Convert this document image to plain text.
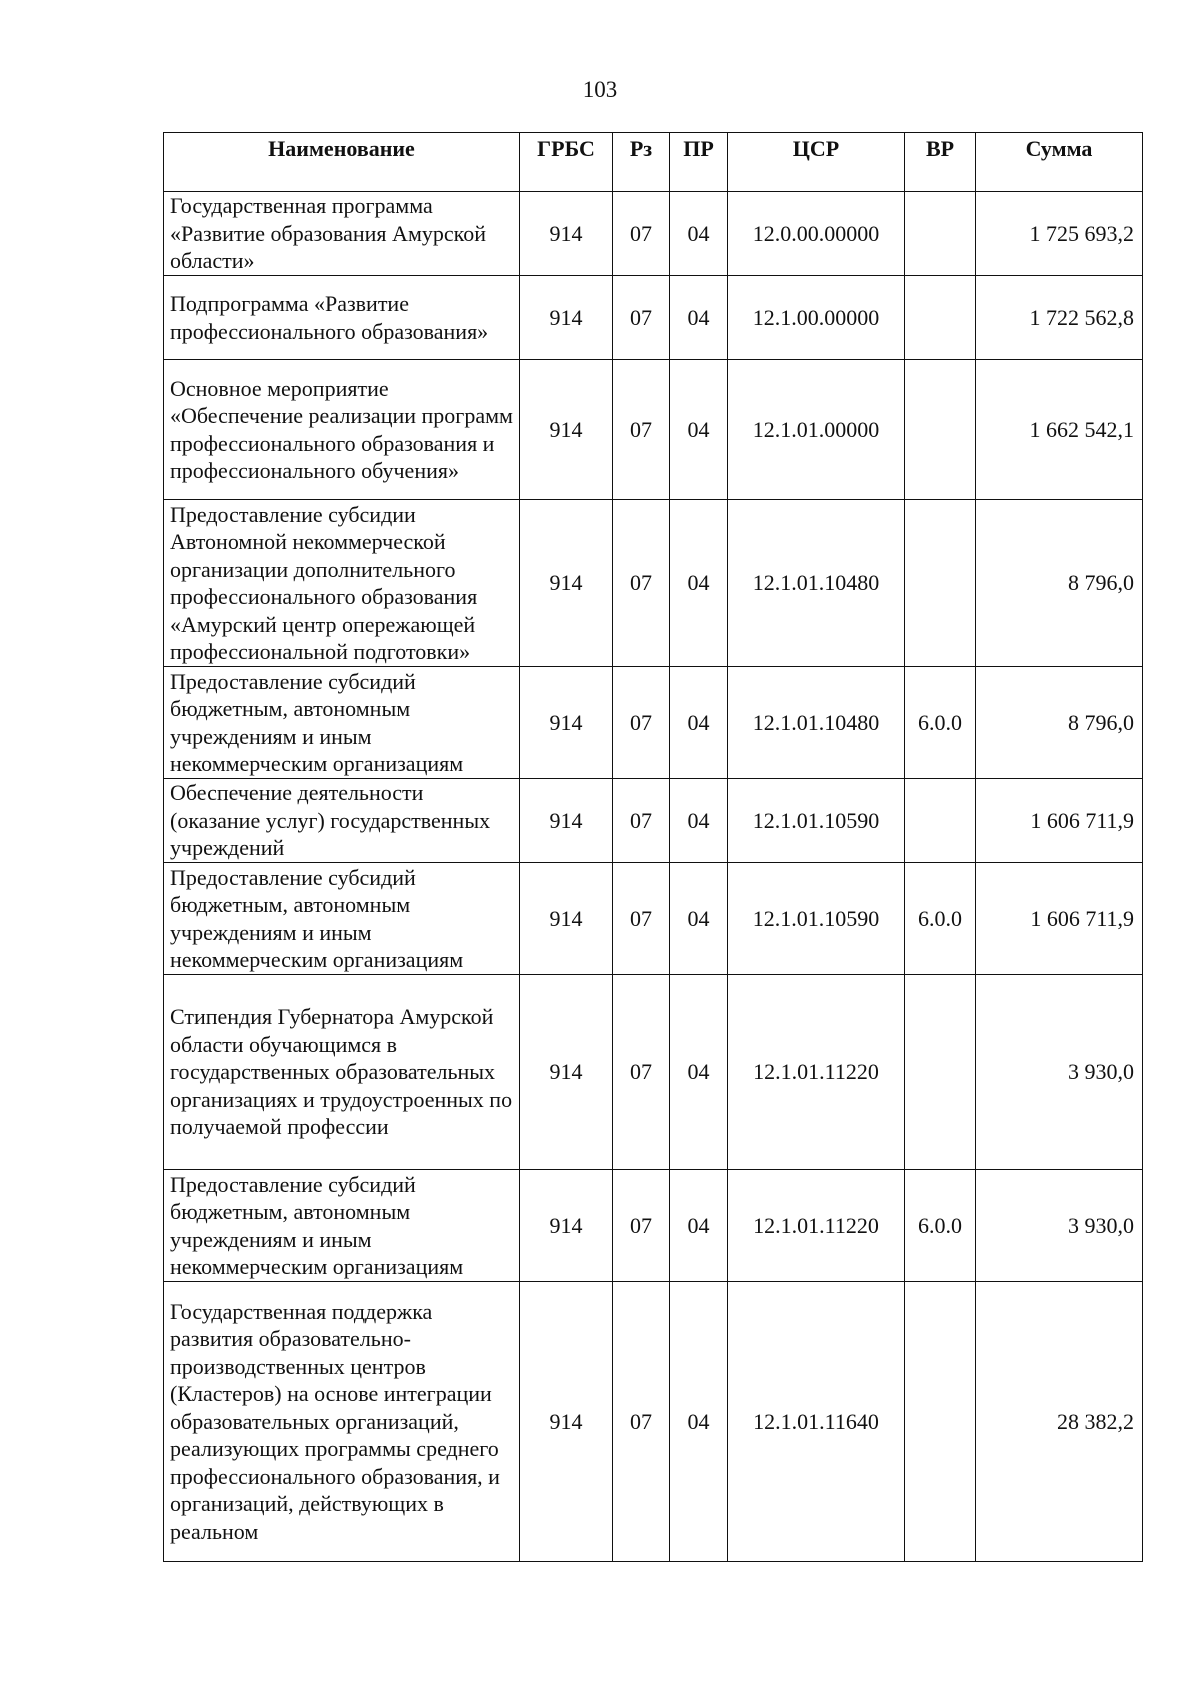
103
Наименование	ГРБС	Рз	ПР	ЦСР	ВР	Сумма
Государственная программа «Развитие образования Амурской области»	914	07	04	12.0.00.00000		1 725 693,2
Подпрограмма «Развитие профессионального образования»	914	07	04	12.1.00.00000		1 722 562,8
Основное мероприятие «Обеспечение реализации программ профессионального образования и профессионального обучения»	914	07	04	12.1.01.00000		1 662 542,1
Предоставление субсидии Автономной некоммерческой организации дополнительного профессионального образования «Амурский центр опережающей профессиональной подготовки»	914	07	04	12.1.01.10480		8 796,0
Предоставление субсидий бюджетным, автономным учреждениям и иным некоммерческим организациям	914	07	04	12.1.01.10480	6.0.0	8 796,0
Обеспечение деятельности (оказание услуг) государственных учреждений	914	07	04	12.1.01.10590		1 606 711,9
Предоставление субсидий бюджетным, автономным учреждениям и иным некоммерческим организациям	914	07	04	12.1.01.10590	6.0.0	1 606 711,9
Стипендия Губернатора Амурской области обучающимся в государственных образовательных организациях и трудоустроенных по получаемой профессии	914	07	04	12.1.01.11220		3 930,0
Предоставление субсидий бюджетным, автономным учреждениям и иным некоммерческим организациям	914	07	04	12.1.01.11220	6.0.0	3 930,0
Государственная поддержка развития образовательно-производственных центров (Кластеров) на основе интеграции образовательных организаций, реализующих программы среднего профессионального образования, и организаций, действующих в реальном	914	07	04	12.1.01.11640		28 382,2
